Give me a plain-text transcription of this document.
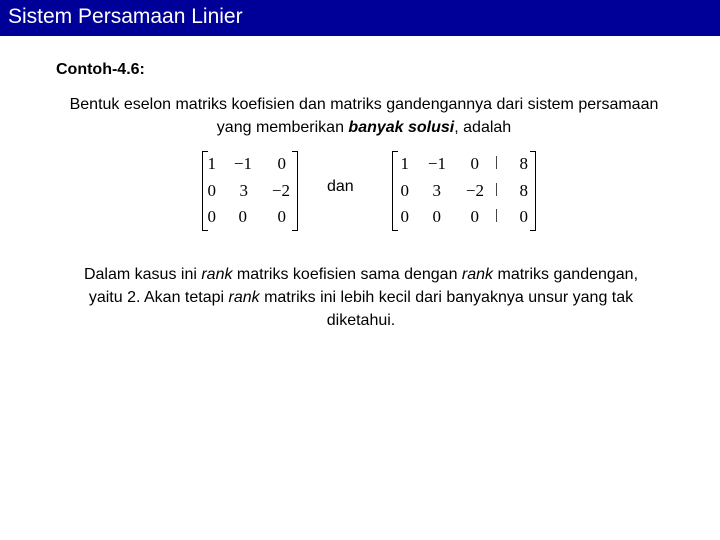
Sistem Persamaan Linier
Contoh-4.6:
Bentuk eselon matriks koefisien dan matriks gandengannya dari sistem persamaan yang memberikan banyak solusi, adalah
1 −1 0
0 3 −2
0 0 0
dan
1 −1 0 | 8
0 3 −2 | 8
0 0 0 | 0
Dalam kasus ini rank matriks koefisien sama dengan rank matriks gandengan, yaitu 2. Akan tetapi rank matriks ini lebih kecil dari banyaknya unsur yang tak diketahui.
